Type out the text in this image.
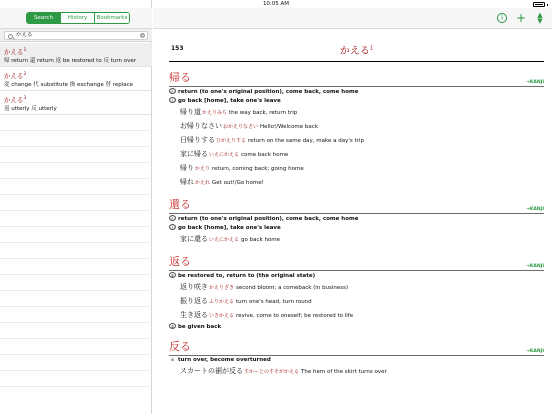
10:05 AM
Search	History	Bookmarks
かえる
✕
かえる$^1$
帰 return 還 return 返 be restored to 反 turn over
かえる$^2$
変 change 代 substitute 換 exchange 替 replace
かえる$^3$
返 utterly 反 utterly
i	+	▲
▼
153	かえる$^1$
帰る	→KANJI
ⓓ return (to one's original position), come back, come home
ⓐ go back [home], take one's leave
帰り道かえりみち the way back, return trip
お帰りなさいおかえりなさい Hello!/Welcome back
日帰りするひがえりする return on the same day, make a day's trip
家に帰るいえにかえる come back home
帰りかえり return, coming back; going home
帰れかえれ Get out!/Go home!
還る	→KANJI
ⓓ return (to one's original position), come back, come home
ⓐ go back [home], take one's leave
家に還るいえにかえる go back home
返る	→KANJI
① be restored to, return to (the original state)
返り咲きかえりざき second bloom; a comeback (in business)
振り返るふりかえる turn one's head, turn round
生き返るいきかえる revive, come to oneself; be restored to life
② be given back
反る	→KANJI
vi turn over, become overturned
スカートの裾が反るすかーとのすそがかえる The hem of the skirt turns over
